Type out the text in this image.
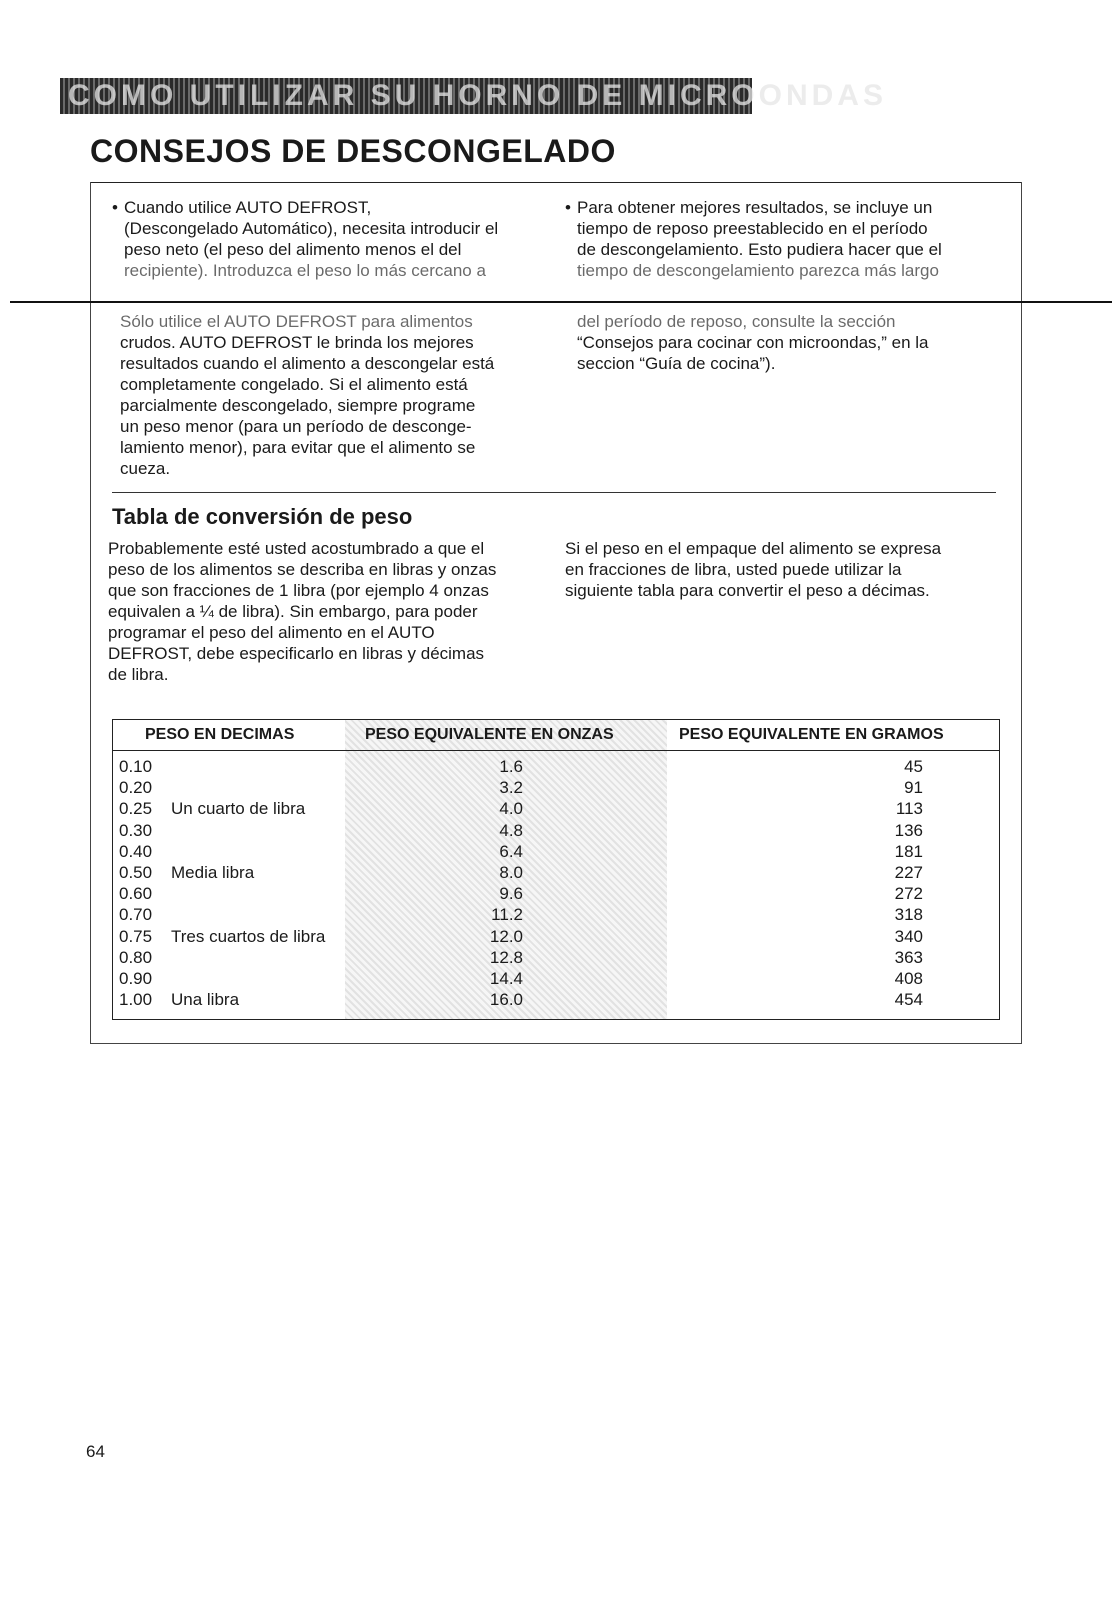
COMO UTILIZAR SU HORNO DE MICROONDAS
CONSEJOS DE DESCONGELADO
• Cuando utilice AUTO DEFROST,

(Descongelado Automático), necesita introducir el

peso neto (el peso del alimento menos el del

recipiente). Introduzca el peso lo más cercano a

Sólo utilice el AUTO DEFROST para alimentos

crudos. AUTO DEFROST le brinda los mejores

resultados cuando el alimento a descongelar está

completamente congelado. Si el alimento está

parcialmente descongelado, siempre programe

un peso menor (para un período de desconge-

lamiento menor), para evitar que el alimento se

cueza.

• Para obtener mejores resultados, se incluye un

tiempo de reposo preestablecido en el período

de descongelamiento. Esto pudiera hacer que el

tiempo de descongelamiento parezca más largo

del período de reposo, consulte la sección

“Consejos para cocinar con microondas,” en la

seccion “Guía de cocina”).

Tabla de conversión de peso

Probablemente esté usted acostumbrado a que el

peso de los alimentos se describa en libras y onzas

que son fracciones de 1 libra (por ejemplo 4 onzas

equivalen a ¼ de libra). Sin embargo, para poder

programar el peso del alimento en el AUTO

DEFROST, debe especificarlo en libras y décimas

de libra.

Si el peso en el empaque del alimento se expresa

en fracciones de libra, usted puede utilizar la

siguiente tabla para convertir el peso a décimas.

PESO EN DECIMAS	PESO EQUIVALENTE EN ONZAS	PESO EQUIVALENTE EN GRAMOS
0.10	1.6	45
0.20	3.2	91
0.25 Un cuarto de libra	4.0	113
0.30	4.8	136
0.40	6.4	181
0.50 Media libra	8.0	227
0.60	9.6	272
0.70	11.2	318
0.75 Tres cuartos de libra	12.0	340
0.80	12.8	363
0.90	14.4	408
1.00 Una libra	16.0	454
64
